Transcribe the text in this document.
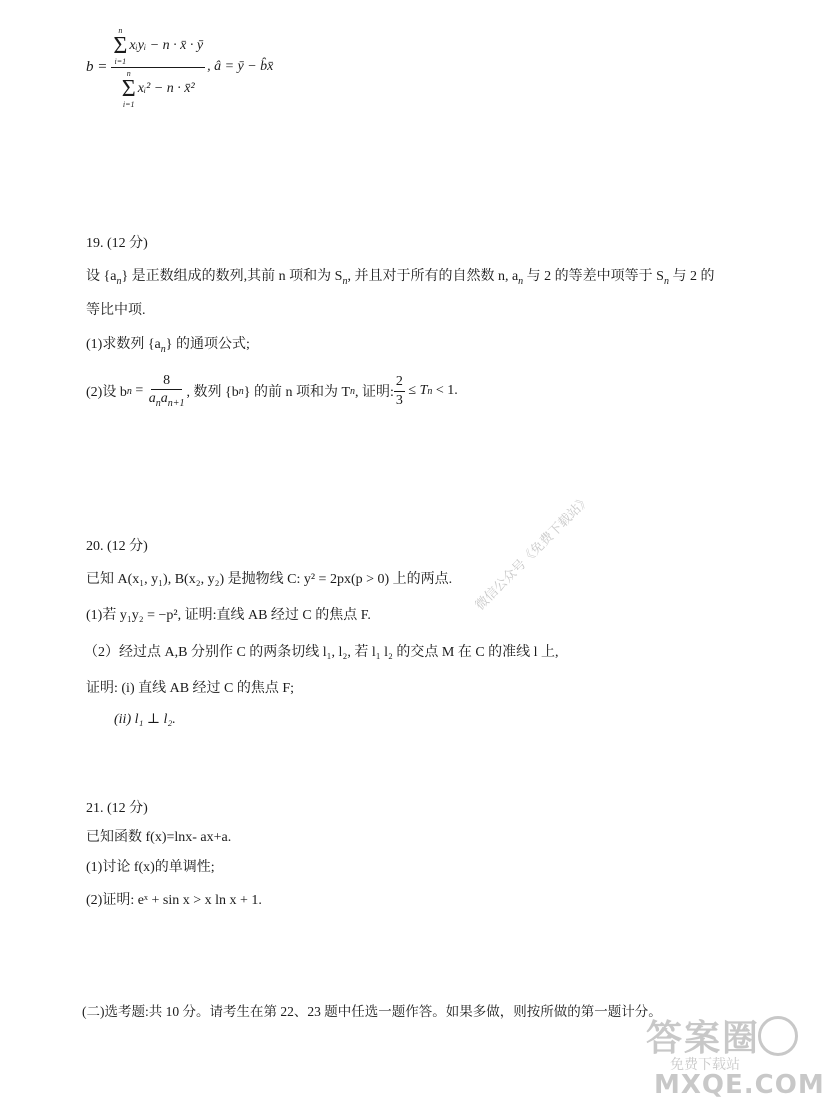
b = n
Σ
i=1
xᵢyᵢ − n · x̄ · ȳ
n
Σ
i=1
xᵢ² − n · x̄² , â = ȳ − b̂x̄
19. (12 分)
设 $\{a_n\}$ 是正数组成的数列,其前 n 项和为 $S_n$, 并且对于所有的自然数 n, $a_n$ 与 2 的等差中项等于 $S_n$ 与 2 的
等比中项.
(1)求数列 $\{a_n\}$ 的通项公式;
(2)设 b $n = \frac{8}{a_na_{n+1}}$ , 数列 {b n } 的前 n 项和为 T n , 证明: $\frac{2}{3} \le T$ n < 1.
20. (12 分)
已知 A(x₁, y₁), B(x₂, y₂) 是抛物线 C: y² = 2px(p > 0) 上的两点.
(1)若 y₁y₂ = −p², 证明:直线 AB 经过 C 的焦点 F.
（2）经过点 A,B 分别作 C 的两条切线 l₁, l₂, 若 l₁ l₂ 的交点 M 在 C 的准线 l 上,
证明: (i) 直线 AB 经过 C 的焦点 F;
(ii) l₁ ⊥ l₂.
21. (12 分)
已知函数 f(x)=lnx- ax+a.
(1)讨论 f(x)的单调性;
(2)证明: eˣ + sin x > x ln x + 1.
(二)选考题:共 10 分。请考生在第 22、23 题中任选一题作答。如果多做，则按所做的第一题计分。
微信公众号《免费下载站》
答案圈
免费下载站
MXQE.COM
